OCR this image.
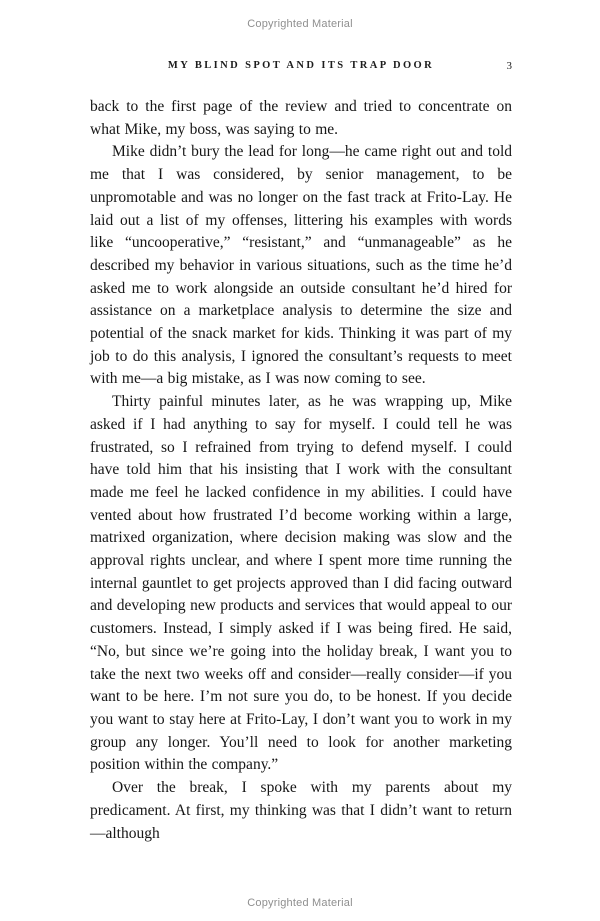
Copyrighted Material
MY BLIND SPOT AND ITS TRAP DOOR	3

back to the first page of the review and tried to concentrate on what Mike, my boss, was saying to me.

Mike didn’t bury the lead for long—he came right out and told me that I was considered, by senior management, to be unpromotable and was no longer on the fast track at Frito-Lay. He laid out a list of my offenses, littering his examples with words like “uncooperative,” “resistant,” and “unmanageable” as he described my behavior in various situations, such as the time he’d asked me to work alongside an outside consultant he’d hired for assistance on a marketplace analysis to determine the size and potential of the snack market for kids. Thinking it was part of my job to do this analysis, I ignored the consultant’s requests to meet with me—a big mistake, as I was now coming to see.

Thirty painful minutes later, as he was wrapping up, Mike asked if I had anything to say for myself. I could tell he was frustrated, so I refrained from trying to defend myself. I could have told him that his insisting that I work with the consultant made me feel he lacked confidence in my abilities. I could have vented about how frustrated I’d become working within a large, matrixed organization, where decision making was slow and the approval rights unclear, and where I spent more time running the internal gauntlet to get projects approved than I did facing outward and developing new products and services that would appeal to our customers. Instead, I simply asked if I was being fired. He said, “No, but since we’re going into the holiday break, I want you to take the next two weeks off and consider—really consider—if you want to be here. I’m not sure you do, to be honest. If you decide you want to stay here at Frito-Lay, I don’t want you to work in my group any longer. You’ll need to look for another marketing position within the company.”

Over the break, I spoke with my parents about my predicament. At first, my thinking was that I didn’t want to return—although

Copyrighted Material
